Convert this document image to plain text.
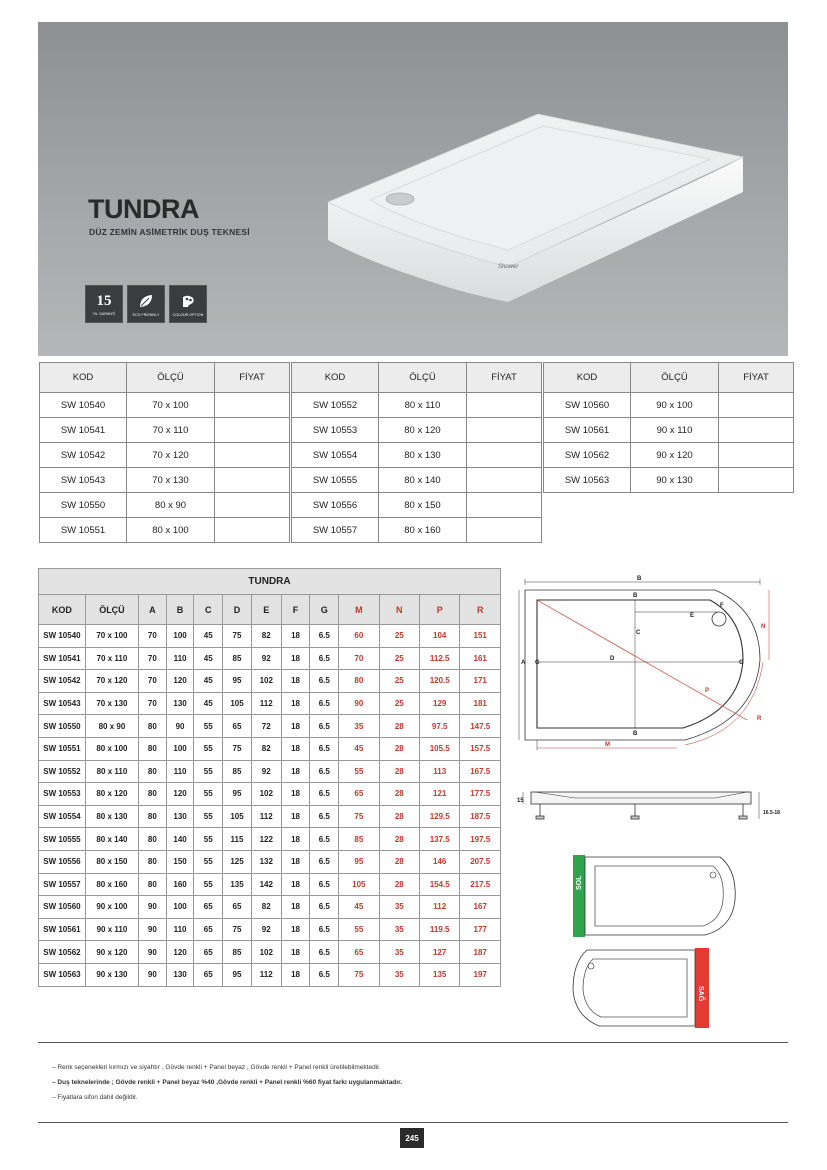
Shower
TUNDRA
DÜZ ZEMİN ASİMETRİK DUŞ TEKNESİ
15
YIL GARANTİ	ECO FRIENDLY	COLOUR OPTION
KOD	ÖLÇÜ	FİYAT
SW 10540	70 x 100	
SW 10541	70 x 110	
SW 10542	70 x 120	
SW 10543	70 x 130	
SW 10550	80 x 90	
SW 10551	80 x 100	
KOD	ÖLÇÜ	FİYAT
SW 10552	80 x 110	
SW 10553	80 x 120	
SW 10554	80 x 130	
SW 10555	80 x 140	
SW 10556	80 x 150	
SW 10557	80 x 160	
KOD	ÖLÇÜ	FİYAT
SW 10560	90 x 100	
SW 10561	90 x 110	
SW 10562	90 x 120	
SW 10563	90 x 130	
TUNDRA												
KOD	ÖLÇÜ	A	B	C	D	E	F	G	M	N	P	R
SW 10540	70 x 100	70	100	45	75	82	18	6.5	60	25	104	151
SW 10541	70 x 110	70	110	45	85	92	18	6.5	70	25	112.5	161
SW 10542	70 x 120	70	120	45	95	102	18	6.5	80	25	120.5	171
SW 10543	70 x 130	70	130	45	105	112	18	6.5	90	25	129	181
SW 10550	80 x 90	80	90	55	65	72	18	6.5	35	28	97.5	147.5
SW 10551	80 x 100	80	100	55	75	82	18	6.5	45	28	105.5	157.5
SW 10552	80 x 110	80	110	55	85	92	18	6.5	55	28	113	167.5
SW 10553	80 x 120	80	120	55	95	102	18	6.5	65	28	121	177.5
SW 10554	80 x 130	80	130	55	105	112	18	6.5	75	28	129.5	187.5
SW 10555	80 x 140	80	140	55	115	122	18	6.5	85	28	137.5	197.5
SW 10556	80 x 150	80	150	55	125	132	18	6.5	95	28	146	207.5
SW 10557	80 x 160	80	160	55	135	142	18	6.5	105	28	154.5	217.5
SW 10560	90 x 100	90	100	65	65	82	18	6.5	45	35	112	167
SW 10561	90 x 110	90	110	65	75	92	18	6.5	55	35	119.5	177
SW 10562	90 x 120	90	120	65	85	102	18	6.5	65	35	127	187
SW 10563	90 x 130	90	130	65	95	112	18	6.5	75	35	135	197
B
B
B
C
D
E
F
G
G
A
M
P
R
N
15
16.5-18
SOL
SAĞ
– Renk seçenekleri kırmızı ve siyahtır , Gövde renkli + Panel beyaz , Gövde renkli + Panel renkli üretilebilmektedir.
– Duş teknelerinde ; Gövde renkli + Panel beyaz %40 ,Gövde renkli + Panel renkli %60 fiyat farkı uygulanmaktadır.
– Fiyatlara sifon dahil değildir.
245
